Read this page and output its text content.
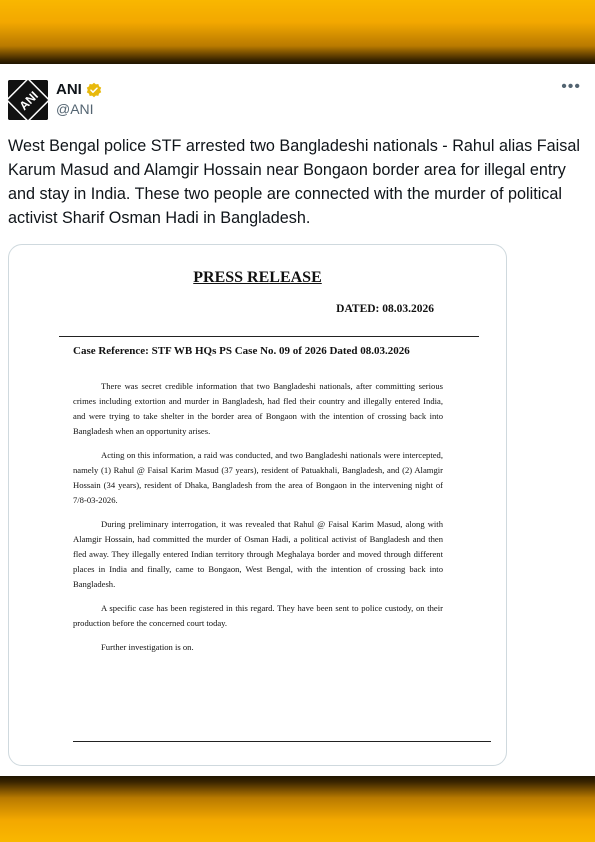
ANI ANI
@ANI
•••
West Bengal police STF arrested two Bangladeshi nationals - Rahul alias Faisal Karum Masud and Alamgir Hossain near Bongaon border area for illegal entry and stay in India. These two people are connected with the murder of political activist Sharif Osman Hadi in Bangladesh.
PRESS RELEASE
DATED: 08.03.2026
Case Reference: STF WB HQs PS Case No. 09 of 2026 Dated 08.03.2026

There was secret credible information that two Bangladeshi nationals, after committing serious crimes including extortion and murder in Bangladesh, had fled their country and illegally entered India, and were trying to take shelter in the border area of Bongaon with the intention of crossing back into Bangladesh when an opportunity arises.

Acting on this information, a raid was conducted, and two Bangladeshi nationals were intercepted, namely (1) Rahul @ Faisal Karim Masud (37 years), resident of Patuakhali, Bangladesh, and (2) Alamgir Hossain (34 years), resident of Dhaka, Bangladesh from the area of Bongaon in the intervening night of 7/8-03-2026.

During preliminary interrogation, it was revealed that Rahul @ Faisal Karim Masud, along with Alamgir Hossain, had committed the murder of Osman Hadi, a political activist of Bangladesh and then fled away. They illegally entered Indian territory through Meghalaya border and moved through different places in India and finally, came to Bongaon, West Bengal, with the intention of crossing back into Bangladesh.

A specific case has been registered in this regard. They have been sent to police custody, on their production before the concerned court today.

Further investigation is on.
